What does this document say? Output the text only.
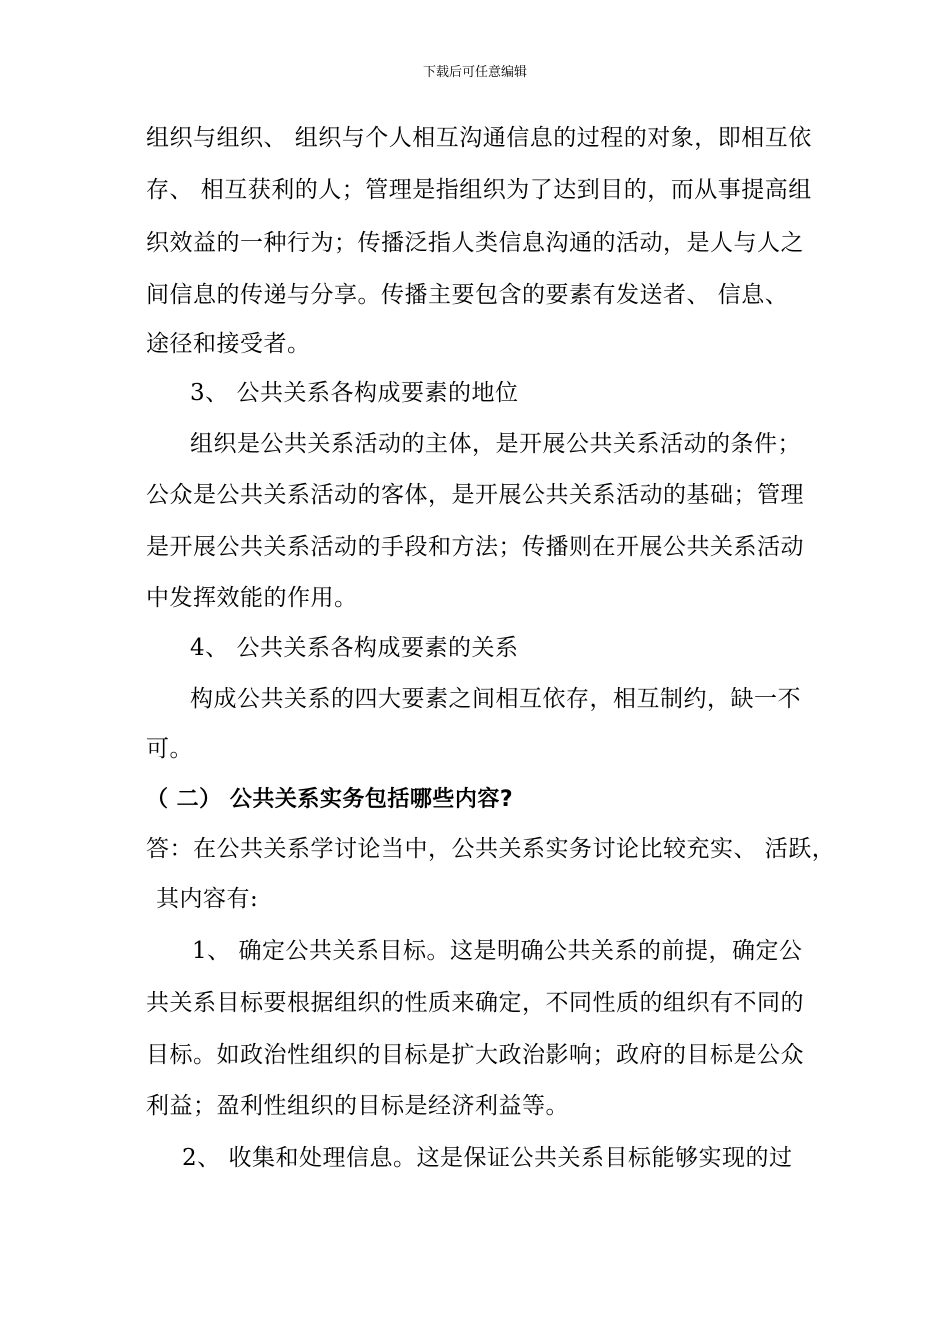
下载后可任意编辑
组织与组织、 组织与个人相互沟通信息的过程的对象，即相互依
存、 相互获利的人；管理是指组织为了达到目的，而从事提高组
织效益的一种行为；传播泛指人类信息沟通的活动，是人与人之
间信息的传递与分享。传播主要包含的要素有发送者、 信息、
途径和接受者。
3、 公共关系各构成要素的地位
组织是公共关系活动的主体，是开展公共关系活动的条件；
公众是公共关系活动的客体，是开展公共关系活动的基础；管理
是开展公共关系活动的手段和方法；传播则在开展公共关系活动
中发挥效能的作用。
4、 公共关系各构成要素的关系
构成公共关系的四大要素之间相互依存，相互制约，缺一不
可。
（ 二） 公共关系实务包括哪些内容?
答：在公共关系学讨论当中，公共关系实务讨论比较充实、 活跃，
其内容有:
1、 确定公共关系目标。这是明确公共关系的前提，确定公
共关系目标要根据组织的性质来确定，不同性质的组织有不同的
目标。如政治性组织的目标是扩大政治影响；政府的目标是公众
利益；盈利性组织的目标是经济利益等。
2、 收集和处理信息。这是保证公共关系目标能够实现的过
